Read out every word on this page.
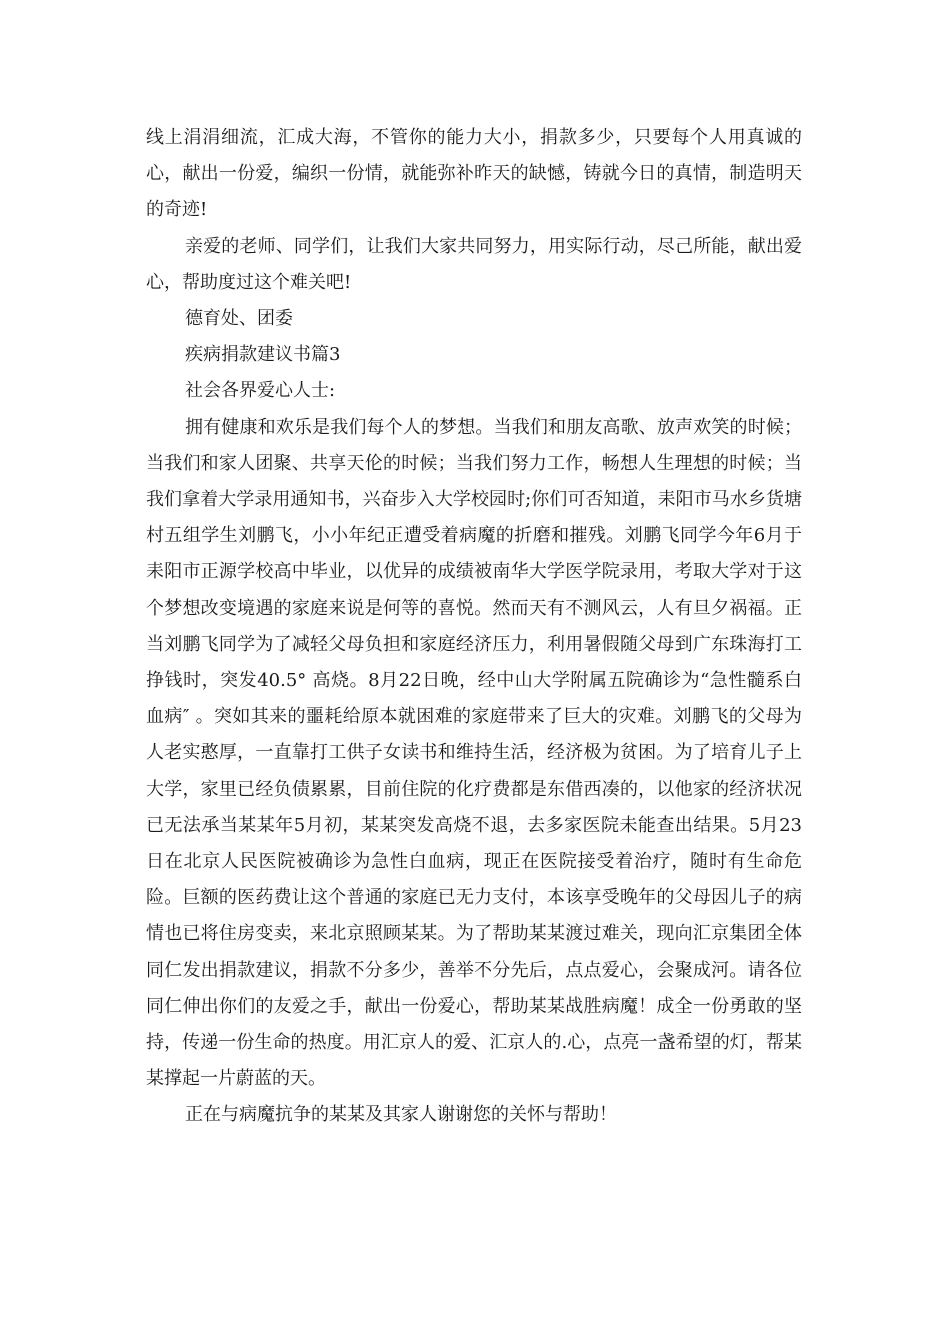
线上涓涓细流，汇成大海，不管你的能力大小，捐款多少，只要每个人用真诚的心，献出一份爱，编织一份情，就能弥补昨天的缺憾，铸就今日的真情，制造明天的奇迹!

亲爱的老师、同学们，让我们大家共同努力，用实际行动，尽己所能，献出爱心，帮助度过这个难关吧!

德育处、团委

疾病捐款建议书篇3

社会各界爱心人士:

拥有健康和欢乐是我们每个人的梦想。当我们和朋友高歌、放声欢笑的时候；当我们和家人团聚、共享天伦的时候；当我们努力工作，畅想人生理想的时候；当我们拿着大学录用通知书，兴奋步入大学校园时;你们可否知道，耒阳市马水乡货塘村五组学生刘鹏飞，小小年纪正遭受着病魔的折磨和摧残。刘鹏飞同学今年6月于耒阳市正源学校高中毕业，以优异的成绩被南华大学医学院录用，考取大学对于这个梦想改变境遇的家庭来说是何等的喜悦。然而天有不测风云，人有旦夕祸福。正当刘鹏飞同学为了减轻父母负担和家庭经济压力，利用暑假随父母到广东珠海打工挣钱时，突发40.5° 高烧。8月22日晚，经中山大学附属五院确诊为“急性髓系白血病″ 。突如其来的噩耗给原本就困难的家庭带来了巨大的灾难。刘鹏飞的父母为人老实憨厚，一直靠打工供子女读书和维持生活，经济极为贫困。为了培育儿子上大学，家里已经负债累累，目前住院的化疗费都是东借西凑的，以他家的经济状况已无法承当某某年5月初，某某突发高烧不退，去多家医院未能查出结果。5月23日在北京人民医院被确诊为急性白血病，现正在医院接受着治疗，随时有生命危险。巨额的医药费让这个普通的家庭已无力支付，本该享受晚年的父母因儿子的病情也已将住房变卖，来北京照顾某某。为了帮助某某渡过难关，现向汇京集团全体同仁发出捐款建议，捐款不分多少，善举不分先后，点点爱心，会聚成河。请各位同仁伸出你们的友爱之手，献出一份爱心，帮助某某战胜病魔！成全一份勇敢的坚持，传递一份生命的热度。用汇京人的爱、汇京人的.心，点亮一盏希望的灯，帮某某撑起一片蔚蓝的天。

正在与病魔抗争的某某及其家人谢谢您的关怀与帮助！
